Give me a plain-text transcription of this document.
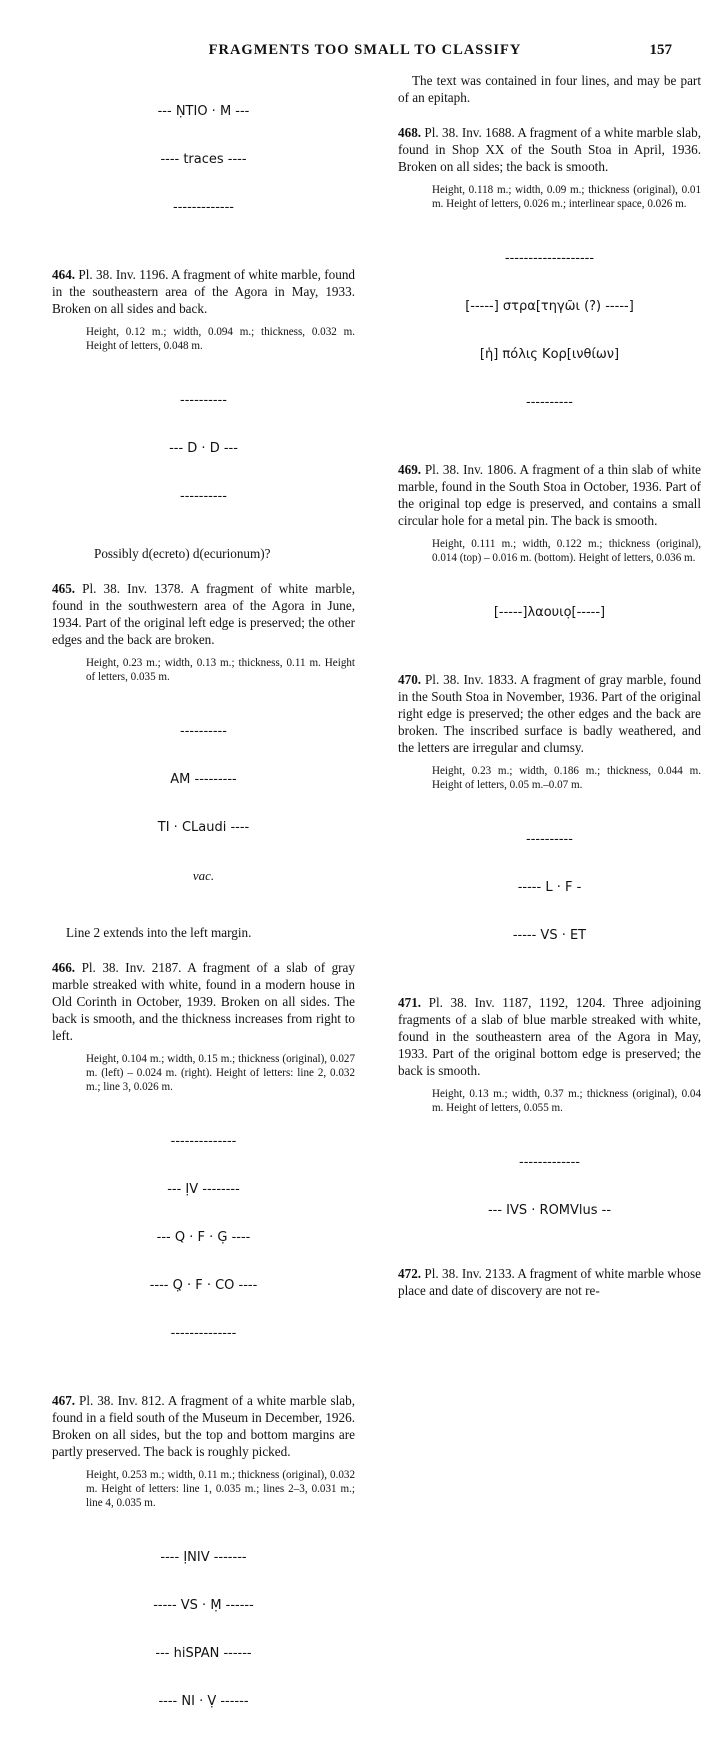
FRAGMENTS TOO SMALL TO CLASSIFY	157

--- ṆTIO · M ---

---- traces ----

-------------

464. Pl. 38. Inv. 1196. A fragment of white marble, found in the southeastern area of the Agora in May, 1933. Broken on all sides and back.

Height, 0.12 m.; width, 0.094 m.; thickness, 0.032 m. Height of letters, 0.048 m.

----------

--- D · D ---

----------

Possibly d(ecreto) d(ecurionum)?

465. Pl. 38. Inv. 1378. A fragment of white marble, found in the southwestern area of the Agora in June, 1934. Part of the original left edge is preserved; the other edges and the back are broken.

Height, 0.23 m.; width, 0.13 m.; thickness, 0.11 m. Height of letters, 0.035 m.

----------

AM ---------

TI · CLaudi ----

vac.

Line 2 extends into the left margin.

466. Pl. 38. Inv. 2187. A fragment of a slab of gray marble streaked with white, found in a modern house in Old Corinth in October, 1939. Broken on all sides. The back is smooth, and the thickness increases from right to left.

Height, 0.104 m.; width, 0.15 m.; thickness (original), 0.027 m. (left) – 0.024 m. (right). Height of letters: line 2, 0.032 m.; line 3, 0.026 m.

--------------

--- ỊV --------

--- Q · F · G̣ ----

---- Q̣ · F · CO ----

--------------

467. Pl. 38. Inv. 812. A fragment of a white marble slab, found in a field south of the Museum in December, 1926. Broken on all sides, but the top and bottom margins are partly preserved. The back is roughly picked.

Height, 0.253 m.; width, 0.11 m.; thickness (original), 0.032 m. Height of letters: line 1, 0.035 m.; lines 2–3, 0.031 m.; line 4, 0.035 m.

---- ỊNIV -------

----- VS · Ṃ ------

--- hiSPAN ------

---- NI · Ṿ ------

The text was contained in four lines, and may be part of an epitaph.

468. Pl. 38. Inv. 1688. A fragment of a white marble slab, found in Shop XX of the South Stoa in April, 1936. Broken on all sides; the back is smooth.

Height, 0.118 m.; width, 0.09 m.; thickness (original), 0.01 m. Height of letters, 0.026 m.; interlinear space, 0.026 m.

-------------------

[-----] στρα[τηγῶι (?) -----]

[ἡ] πόλις Κορ[ινθίων]

----------

469. Pl. 38. Inv. 1806. A fragment of a thin slab of white marble, found in the South Stoa in October, 1936. Part of the original top edge is preserved, and contains a small circular hole for a metal pin. The back is smooth.

Height, 0.111 m.; width, 0.122 m.; thickness (original), 0.014 (top) – 0.016 m. (bottom). Height of letters, 0.036 m.

[-----]λαουιο̣[-----]

470. Pl. 38. Inv. 1833. A fragment of gray marble, found in the South Stoa in November, 1936. Part of the original right edge is preserved; the other edges and the back are broken. The inscribed surface is badly weathered, and the letters are irregular and clumsy.

Height, 0.23 m.; width, 0.186 m.; thickness, 0.044 m. Height of letters, 0.05 m.–0.07 m.

----------

----- L · F -

----- VS · ET

471. Pl. 38. Inv. 1187, 1192, 1204. Three adjoining fragments of a slab of blue marble streaked with white, found in the southeastern area of the Agora in May, 1933. Part of the original bottom edge is preserved; the back is smooth.

Height, 0.13 m.; width, 0.37 m.; thickness (original), 0.04 m. Height of letters, 0.055 m.

-------------

--- IVS · ROMVlus --

472. Pl. 38. Inv. 2133. A fragment of white marble whose place and date of discovery are not re-
